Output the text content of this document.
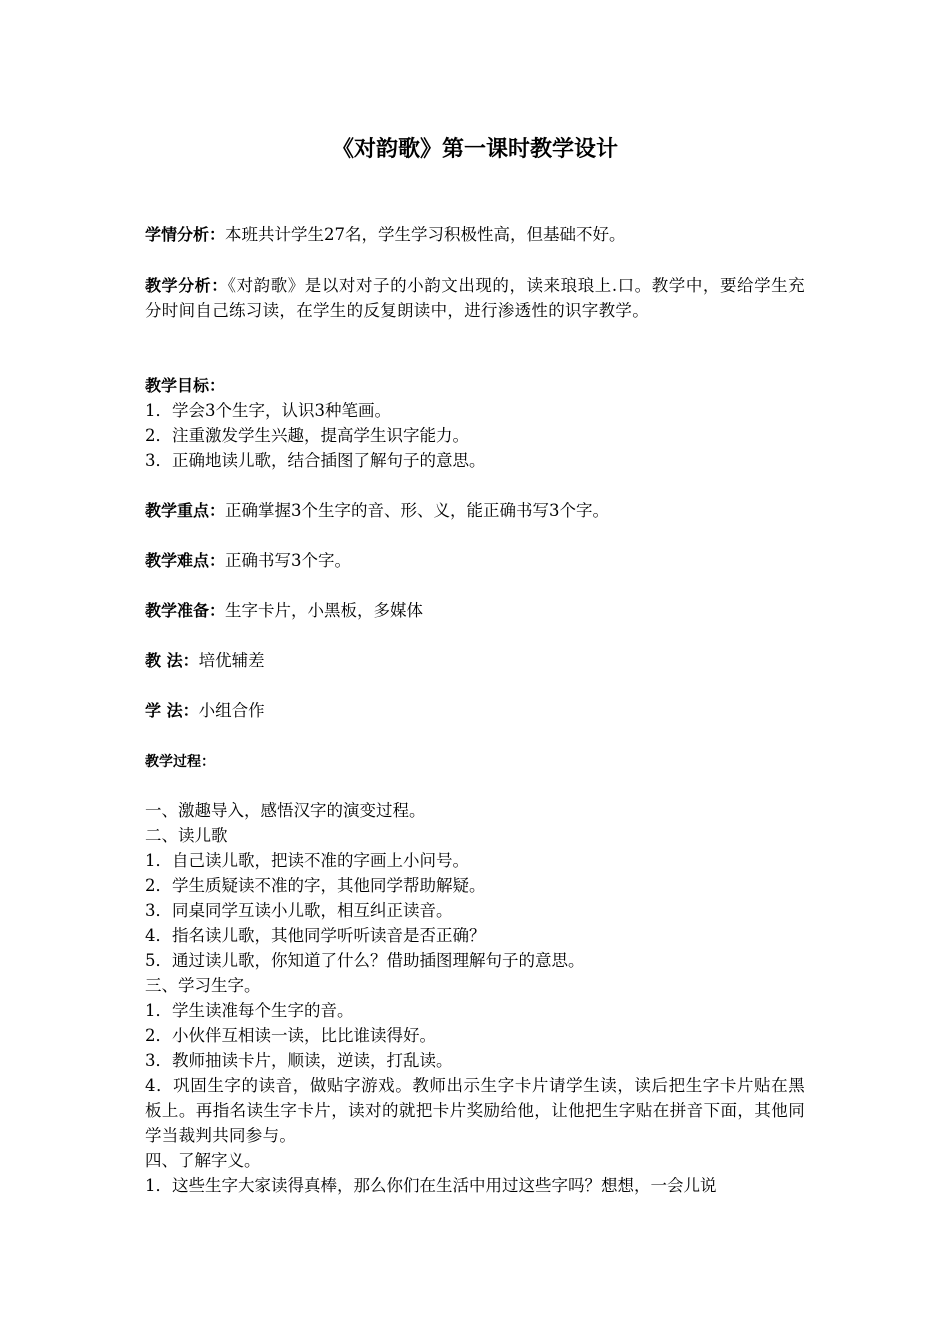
《对韵歌》第一课时教学设计

学情分析：本班共计学生27名，学生学习积极性高，但基础不好。

教学分析：《对韵歌》是以对对子的小韵文出现的，读来琅琅上.口。教学中，要给学生充分时间自己练习读，在学生的反复朗读中，进行渗透性的识字教学。

教学目标：
1．学会3个生字，认识3种笔画。
2．注重激发学生兴趣，提高学生识字能力。
3．正确地读儿歌，结合插图了解句子的意思。

教学重点：正确掌握3个生字的音、形、义，能正确书写3个字。

教学难点：正确书写3个字。

教学准备：生字卡片，小黑板，多媒体

教 法：培优辅差

学 法：小组合作

教学过程：

一、激趣导入，感悟汉字的演变过程。
二、读儿歌
1．自己读儿歌，把读不准的字画上小问号。
2．学生质疑读不准的字，其他同学帮助解疑。
3．同桌同学互读小儿歌，相互纠正读音。
4．指名读儿歌，其他同学听听读音是否正确？
5．通过读儿歌，你知道了什么？借助插图理解句子的意思。
三、学习生字。
1．学生读准每个生字的音。
2．小伙伴互相读一读，比比谁读得好。
3．教师抽读卡片，顺读，逆读，打乱读。
4．巩固生字的读音，做贴字游戏。教师出示生字卡片请学生读，读后把生字卡片贴在黑板上。再指名读生字卡片，读对的就把卡片奖励给他，让他把生字贴在拼音下面，其他同学当裁判共同参与。
四、了解字义。
1．这些生字大家读得真棒，那么你们在生活中用过这些字吗？想想，一会儿说
